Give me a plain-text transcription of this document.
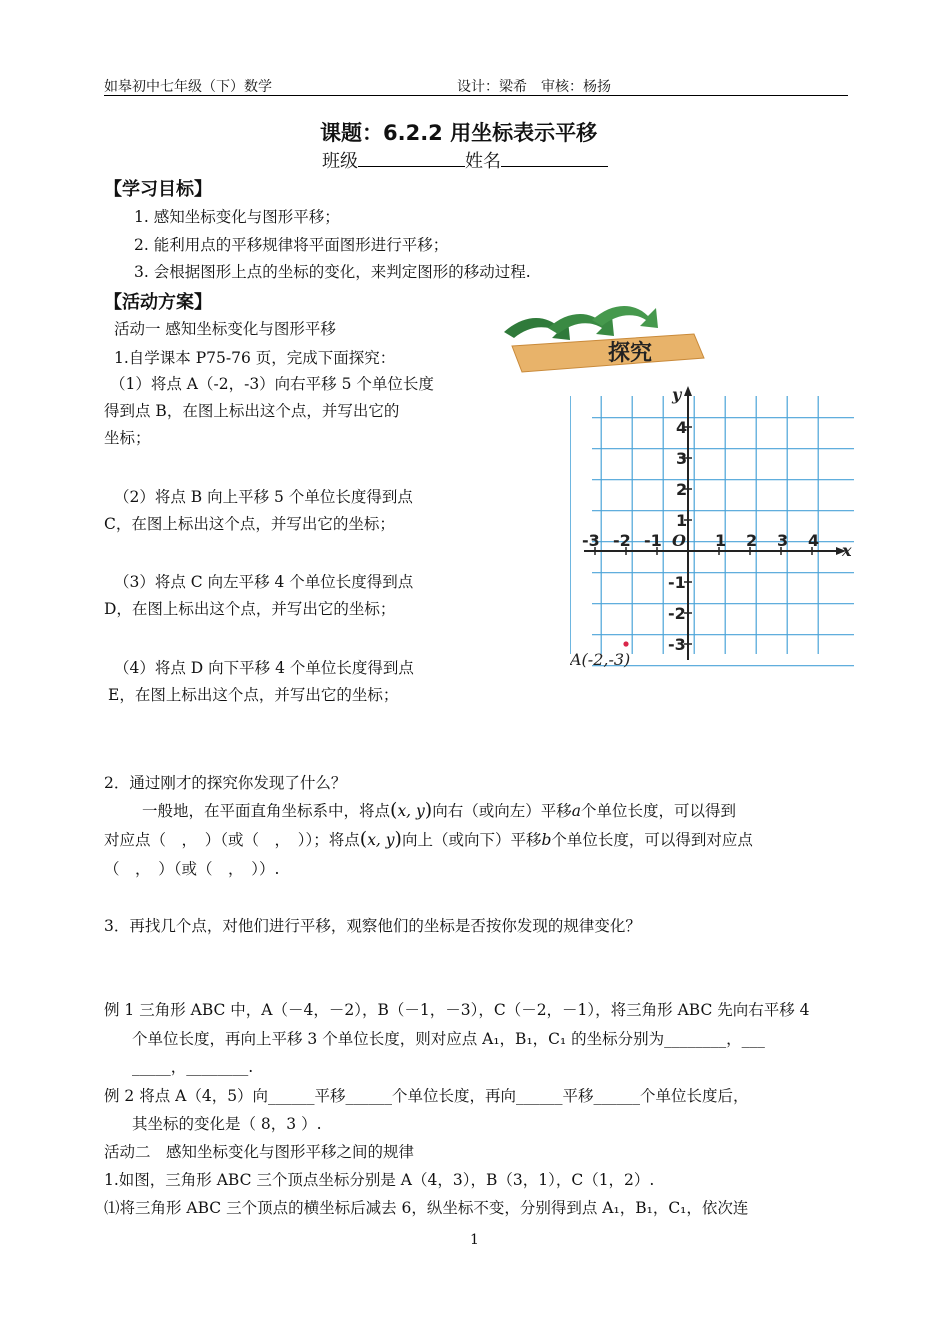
如皋初中七年级（下）数学	设计：梁希　审核：杨扬
课题：6.2.2 用坐标表示平移
班级	姓名
【学习目标】
1. 感知坐标变化与图形平移；
2. 能利用点的平移规律将平面图形进行平移；
3. 会根据图形上点的坐标的变化，来判定图形的移动过程.
【活动方案】
活动一 感知坐标变化与图形平移
1.自学课本 P75-76 页，完成下面探究：
（1）将点 A（-2，-3）向右平移 5 个单位长度
得到点 B，在图上标出这个点，并写出它的
坐标；
（2）将点 B 向上平移 5 个单位长度得到点
C，在图上标出这个点，并写出它的坐标；
（3）将点 C 向左平移 4 个单位长度得到点
D，在图上标出这个点，并写出它的坐标；
（4）将点 D 向下平移 4 个单位长度得到点
E，在图上标出这个点，并写出它的坐标；
探究
-3 -2 -1	1 2 3 4
4
3
2
1
-1
-2
-3
O
x
y
A(-2,-3)
2．通过刚才的探究你发现了什么？
一般地，在平面直角坐标系中，将点(x, y)向右（或向左）平移a个单位长度，可以得到
对应点（　，　）（或（　，　））；将点(x, y)向上（或向下）平移b个单位长度，可以得到对应点
（　，　）（或（　，　））.
3．再找几个点，对他们进行平移，观察他们的坐标是否按你发现的规律变化？
例 1 三角形 ABC 中，A（－4，－2），B（－1，－3），C（－2，－1），将三角形 ABC 先向右平移 4
个单位长度，再向上平移 3 个单位长度，则对应点 A₁，B₁，C₁ 的坐标分别为________，___
_____，________.
例 2 将点 A（4，5）向______平移______个单位长度，再向______平移______个单位长度后，
其坐标的变化是（ 8，3 ）.
活动二　感知坐标变化与图形平移之间的规律
1.如图，三角形 ABC 三个顶点坐标分别是 A（4，3），B（3，1），C（1，2）.
⑴将三角形 ABC 三个顶点的横坐标后减去 6，纵坐标不变，分别得到点 A₁，B₁，C₁，依次连
1
